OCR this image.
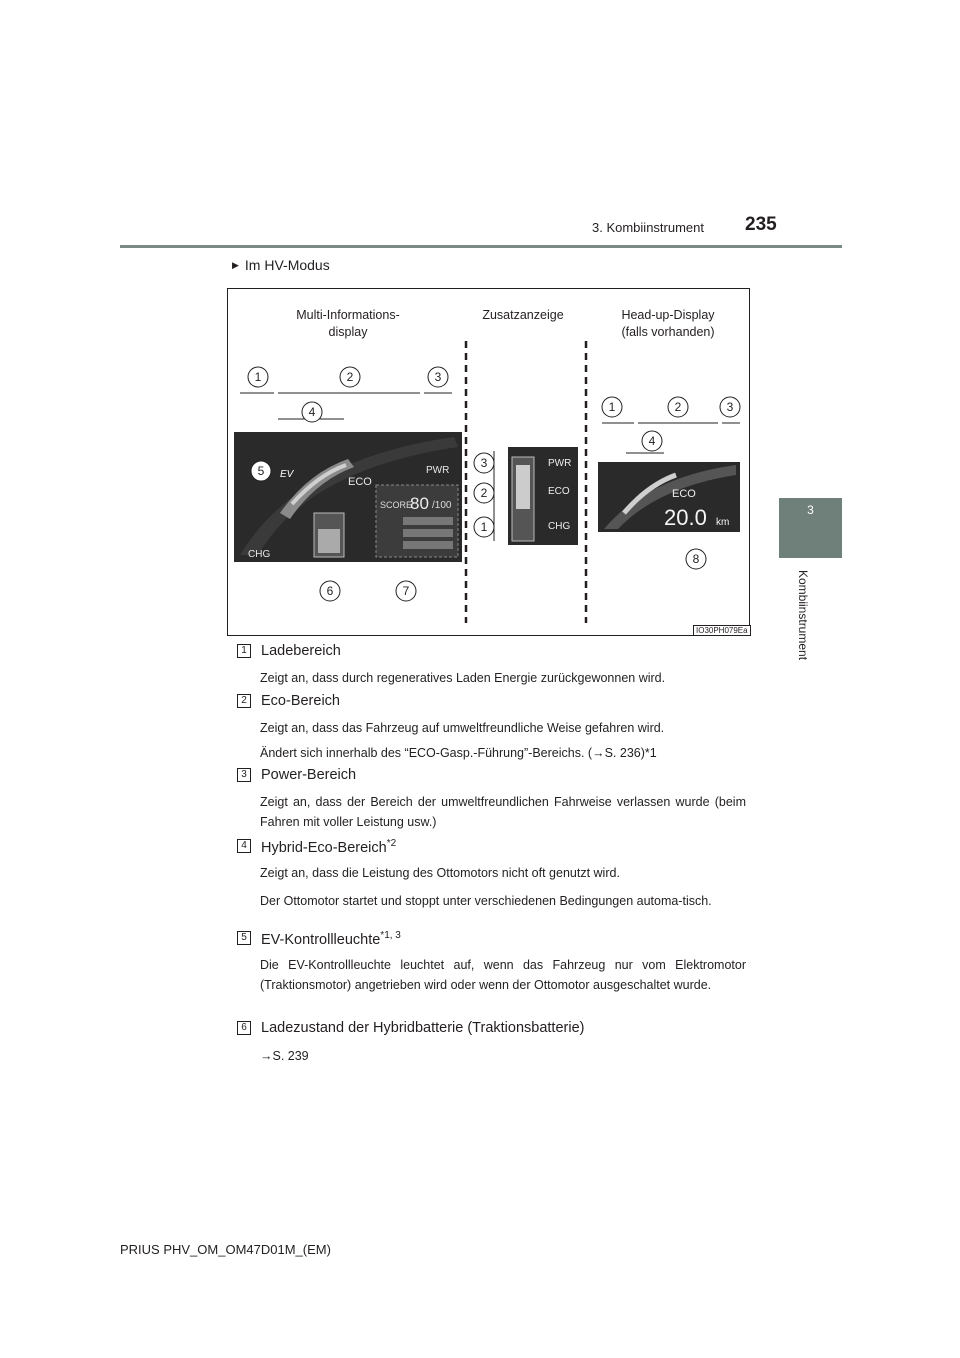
3. Kombiinstrument 235
3
Kombiinstrument
▶ Im HV-Modus
Multi-Informations-
display
Zusatzanzeige	Head-up-Display
(falls vorhanden)
ECO
PWR
CHG
EV
SCORE
80 /100
PWR
ECO
CHG
ECO
20.0 km
1	2	3
4
5
6	7
3
2
1
1	2	3
4
8
IO30PH079Ea
1 Ladebereich
Zeigt an, dass durch regeneratives Laden Energie zurückgewonnen wird.
2 Eco-Bereich
Zeigt an, dass das Fahrzeug auf umweltfreundliche Weise gefahren wird.
Ändert sich innerhalb des “ECO-Gasp.-Führung”-Bereichs. (→S. 236)*1
3 Power-Bereich
Zeigt an, dass der Bereich der umweltfreundlichen Fahrweise verlassen wurde (beim Fahren mit voller Leistung usw.)
4 Hybrid-Eco-Bereich$^{*2}$
Zeigt an, dass die Leistung des Ottomotors nicht oft genutzt wird.
Der Ottomotor startet und stoppt unter verschiedenen Bedingungen automa-tisch.
5 EV-Kontrollleuchte$^{*1, 3}$
Die EV-Kontrollleuchte leuchtet auf, wenn das Fahrzeug nur vom Elektromotor (Traktionsmotor) angetrieben wird oder wenn der Ottomotor ausgeschaltet wurde.
6 Ladezustand der Hybridbatterie (Traktionsbatterie)
→S. 239
PRIUS PHV_OM_OM47D01M_(EM)
